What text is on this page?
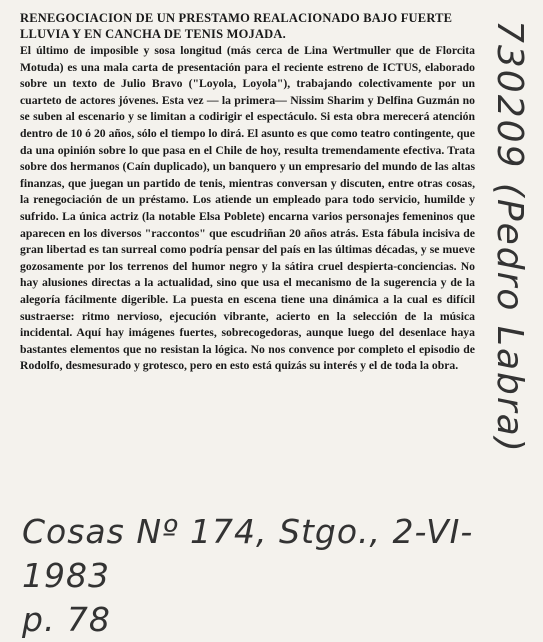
RENEGOCIACION DE UN PRESTAMO REALACIONADO BAJO FUERTE LLUVIA Y EN CANCHA DE TENIS MOJADA.

El último de imposible y sosa longitud (más cerca de Lina Wertmuller que de Florcita Motuda) es una mala carta de presentación para el reciente estreno de ICTUS, elaborado sobre un texto de Julio Bravo ("Loyola, Loyola"), trabajando colectivamente por un cuarteto de actores jóvenes. Esta vez — la primera— Nissim Sharim y Delfina Guzmán no se suben al escenario y se limitan a codirigir el espectáculo. Si esta obra merecerá atención dentro de 10 ó 20 años, sólo el tiempo lo dirá. El asunto es que como teatro contingente, que da una opinión sobre lo que pasa en el Chile de hoy, resulta tremendamente efectiva. Trata sobre dos hermanos (Caín duplicado), un banquero y un empresario del mundo de las altas finanzas, que juegan un partido de tenis, mientras conversan y discuten, entre otras cosas, la renegociación de un préstamo. Los atiende un empleado para todo servicio, humilde y sufrido. La única actriz (la notable Elsa Poblete) encarna varios personajes femeninos que aparecen en los diversos "raccontos" que escudriñan 20 años atrás. Esta fábula incisiva de gran libertad es tan surreal como podría pensar del país en las últimas décadas, y se mueve gozosamente por los terrenos del humor negro y la sátira cruel despierta-conciencias. No hay alusiones directas a la actualidad, sino que usa el mecanismo de la sugerencia y de la alegoría fácilmente digerible. La puesta en escena tiene una dinámica a la cual es difícil sustraerse: ritmo nervioso, ejecución vibrante, acierto en la selección de la música incidental. Aquí hay imágenes fuertes, sobrecogedoras, aunque luego del desenlace haya bastantes elementos que no resistan la lógica. No nos convence por completo el episodio de Rodolfo, desmesurado y grotesco, pero en esto está quizás su interés y el de toda la obra. 730209 (Pedro Labra)
Cosas Nº 174, Stgo., 2-VI-1983
p. 78
